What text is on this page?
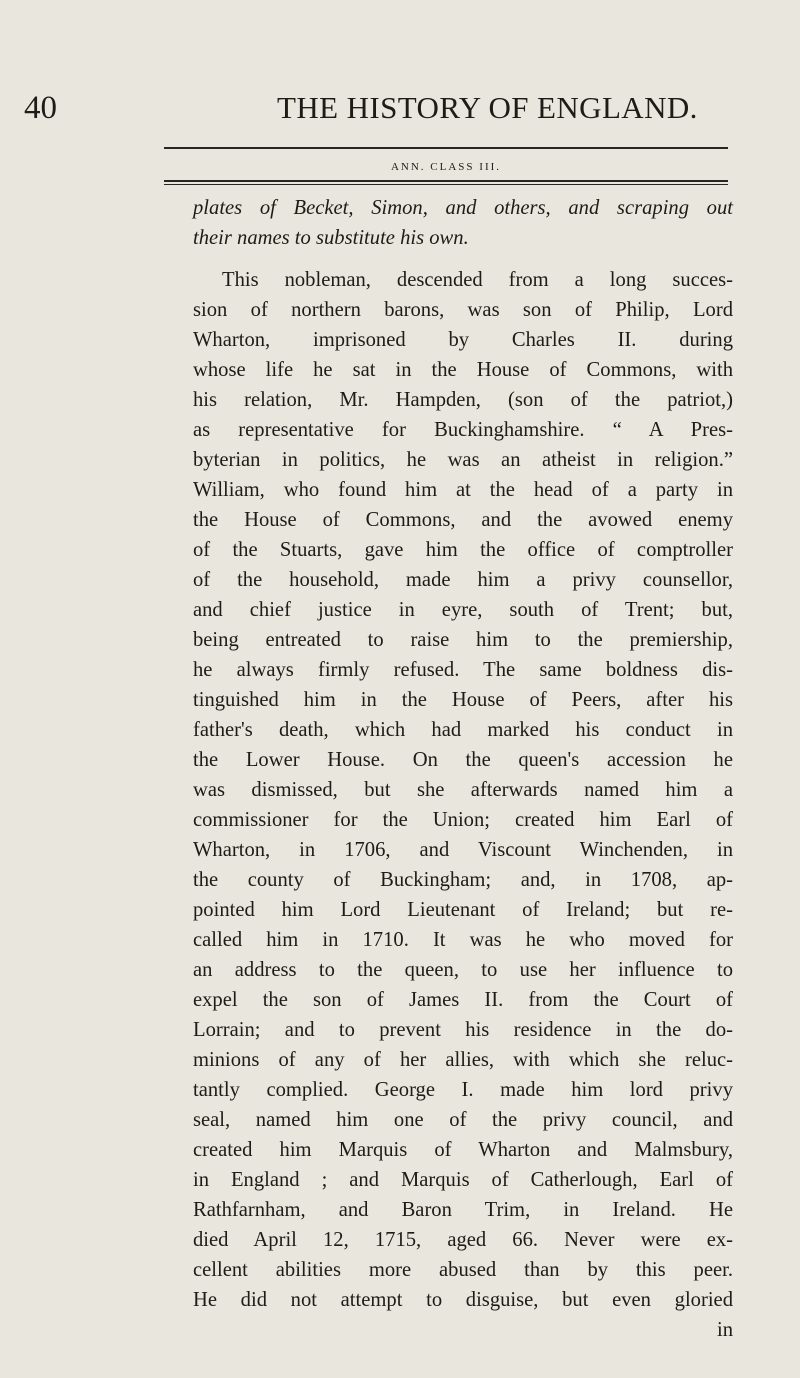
40	THE HISTORY OF ENGLAND.
ANN. CLASS III.
plates of Becket, Simon, and others, and scraping out
their names to substitute his own.
This nobleman, descended from a long succes-
sion of northern barons, was son of Philip, Lord
Wharton, imprisoned by Charles II. during
whose life he sat in the House of Commons, with
his relation, Mr. Hampden, (son of the patriot,)
as representative for Buckinghamshire. “ A Pres-
byterian in politics, he was an atheist in religion.”
William, who found him at the head of a party in
the House of Commons, and the avowed enemy
of the Stuarts, gave him the office of comptroller
of the household, made him a privy counsellor,
and chief justice in eyre, south of Trent; but,
being entreated to raise him to the premiership,
he always firmly refused. The same boldness dis-
tinguished him in the House of Peers, after his
father's death, which had marked his conduct in
the Lower House. On the queen's accession he
was dismissed, but she afterwards named him a
commissioner for the Union; created him Earl of
Wharton, in 1706, and Viscount Winchenden, in
the county of Buckingham; and, in 1708, ap-
pointed him Lord Lieutenant of Ireland; but re-
called him in 1710. It was he who moved for
an address to the queen, to use her influence to
expel the son of James II. from the Court of
Lorrain; and to prevent his residence in the do-
minions of any of her allies, with which she reluc-
tantly complied. George I. made him lord privy
seal, named him one of the privy council, and
created him Marquis of Wharton and Malmsbury,
in England ; and Marquis of Catherlough, Earl of
Rathfarnham, and Baron Trim, in Ireland. He
died April 12, 1715, aged 66. Never were ex-
cellent abilities more abused than by this peer.
He did not attempt to disguise, but even gloried
in
